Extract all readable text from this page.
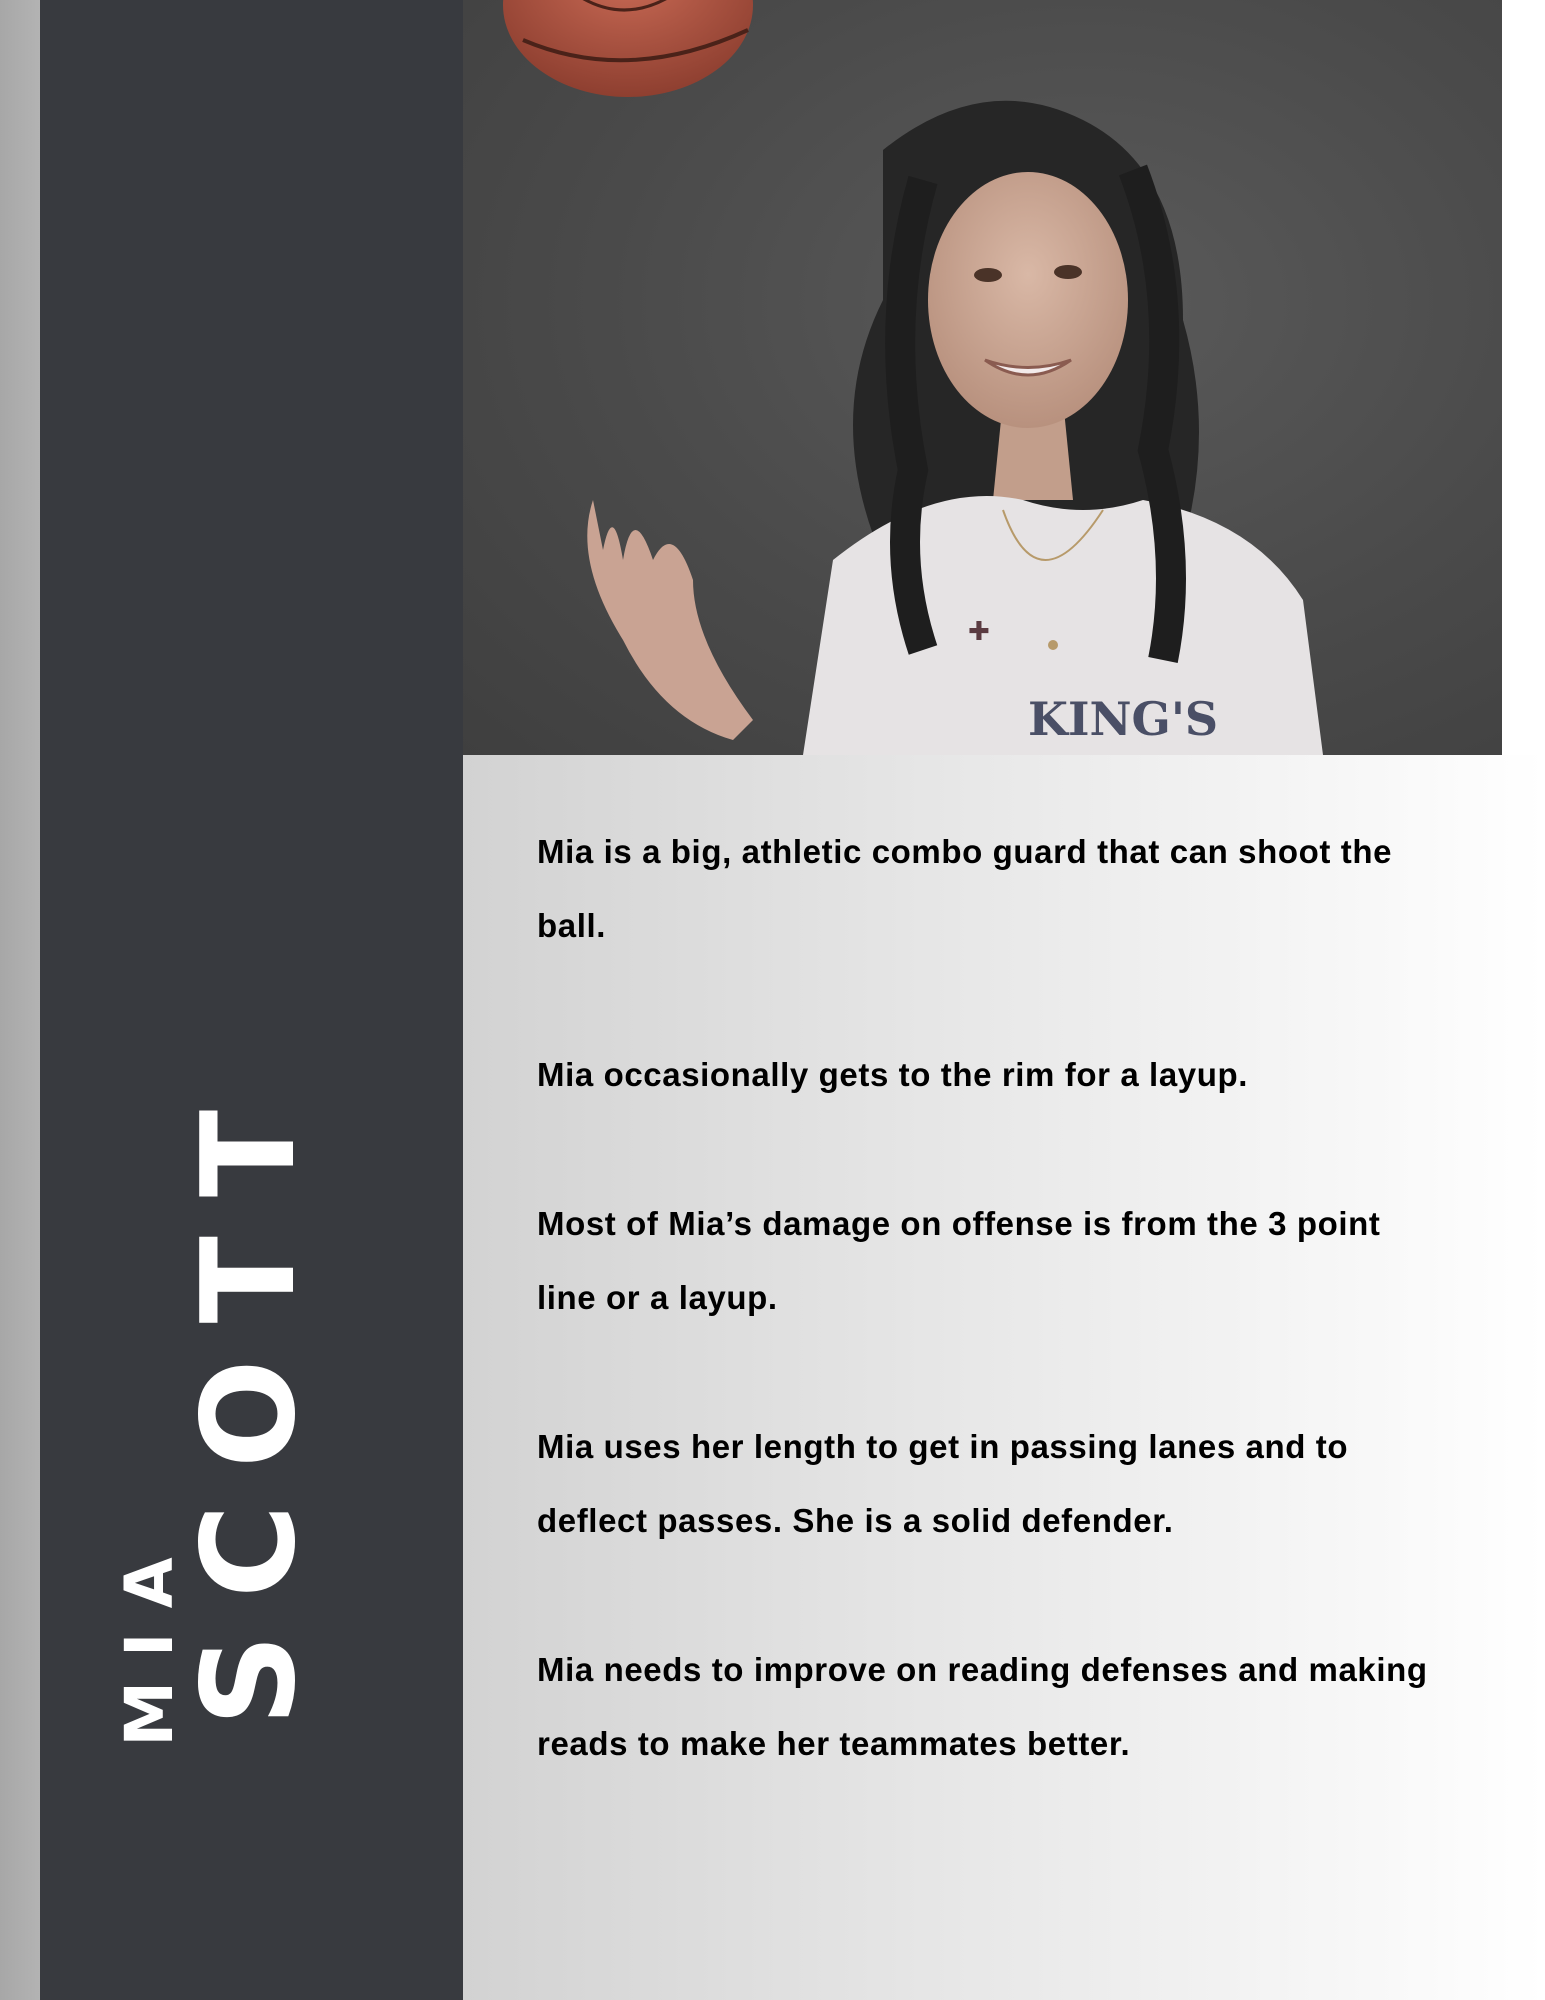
MIA
SCOTT
✚
KING'S

Mia is a big, athletic combo guard that can shoot the ball.

Mia occasionally gets to the rim for a layup.

Most of Mia’s damage on offense is from the 3 point line or a layup.

Mia uses her length to get in passing lanes and to deflect passes. She is a solid defender.

Mia needs to improve on reading defenses and making reads to make her teammates better.
